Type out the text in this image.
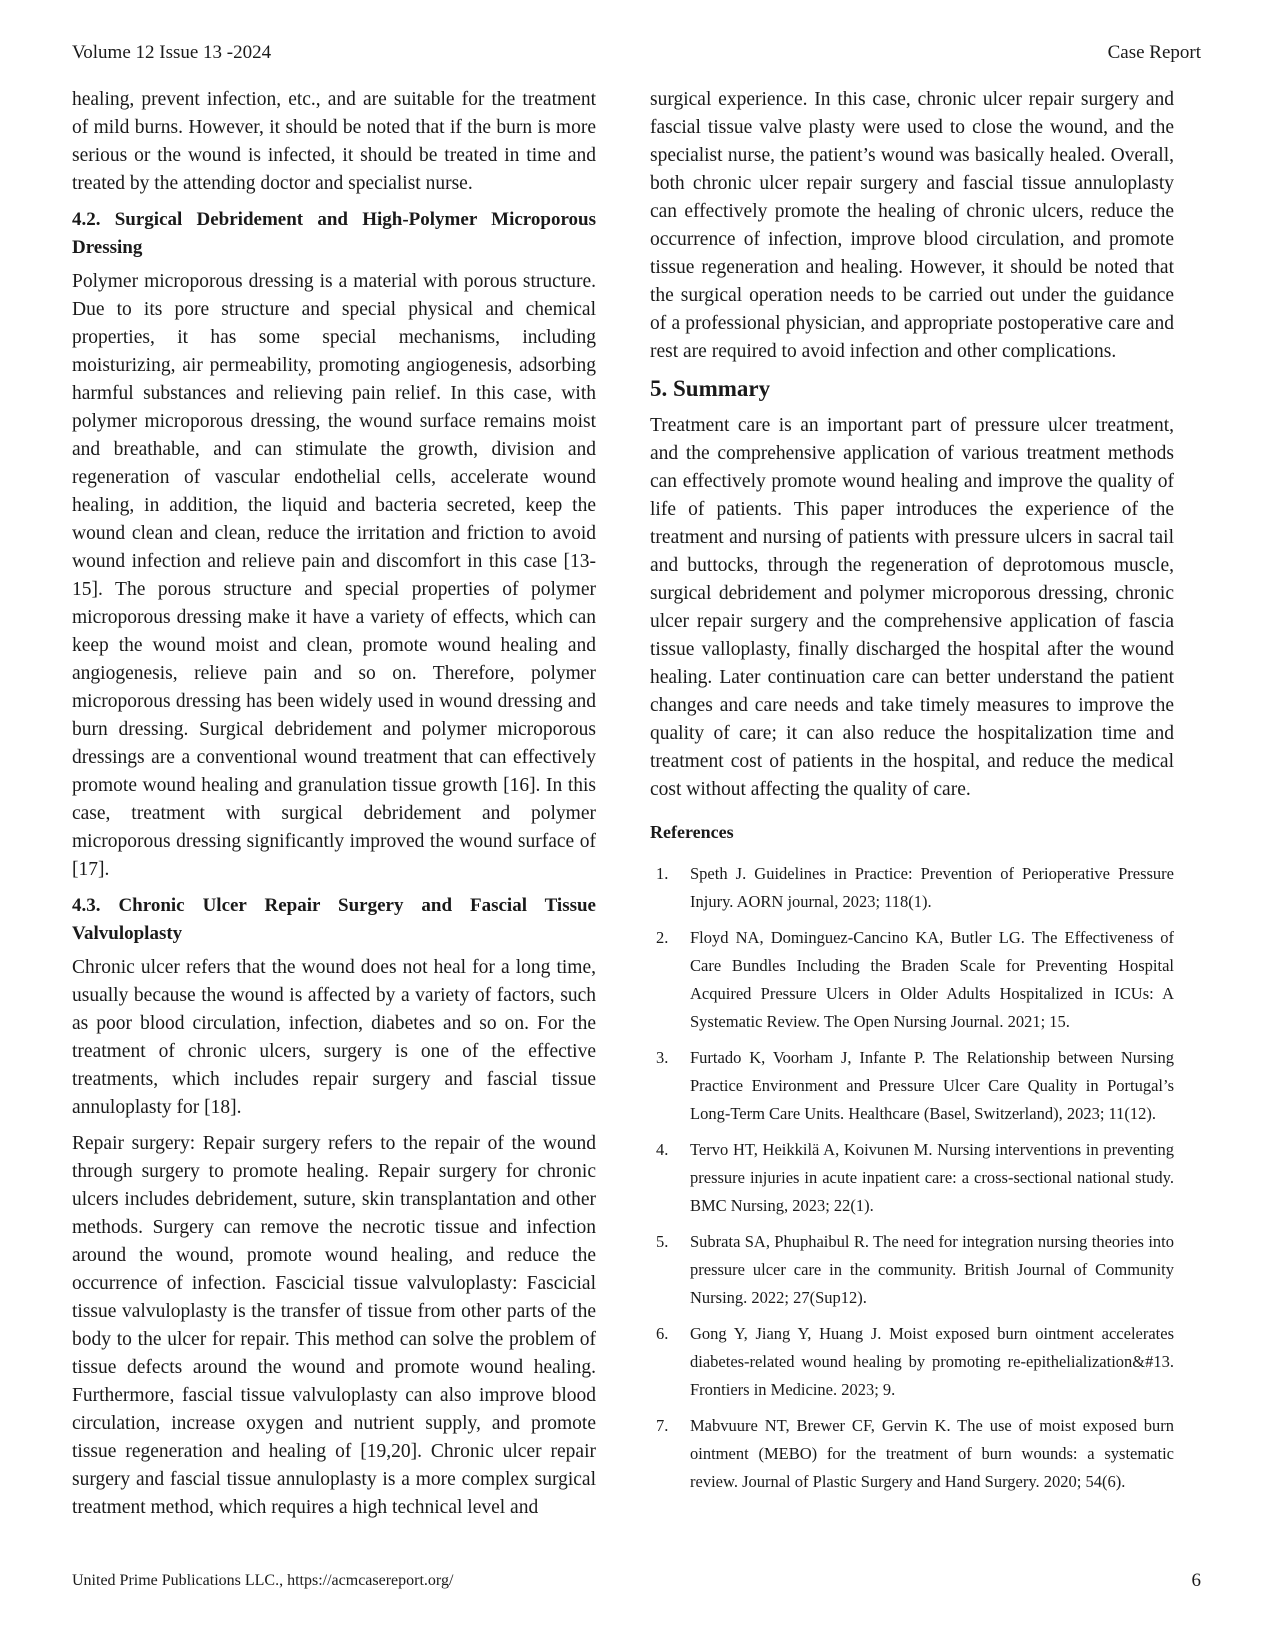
Volume 12 Issue 13 -2024	Case Report

healing, prevent infection, etc., and are suitable for the treatment of mild burns. However, it should be noted that if the burn is more serious or the wound is infected, it should be treated in time and treated by the attending doctor and specialist nurse.

4.2. Surgical Debridement and High-Polymer Microporous Dressing

Polymer microporous dressing is a material with porous structure. Due to its pore structure and special physical and chemical properties, it has some special mechanisms, including moisturizing, air permeability, promoting angiogenesis, adsorbing harmful substances and relieving pain relief. In this case, with polymer microporous dressing, the wound surface remains moist and breathable, and can stimulate the growth, division and regeneration of vascular endothelial cells, accelerate wound healing, in addition, the liquid and bacteria secreted, keep the wound clean and clean, reduce the irritation and friction to avoid wound infection and relieve pain and discomfort in this case [13-15]. The porous structure and special properties of polymer microporous dressing make it have a variety of effects, which can keep the wound moist and clean, promote wound healing and angiogenesis, relieve pain and so on. Therefore, polymer microporous dressing has been widely used in wound dressing and burn dressing. Surgical debridement and polymer microporous dressings are a conventional wound treatment that can effectively promote wound healing and granulation tissue growth [16]. In this case, treatment with surgical debridement and polymer microporous dressing significantly improved the wound surface of [17].

4.3. Chronic Ulcer Repair Surgery and Fascial Tissue Valvuloplasty

Chronic ulcer refers that the wound does not heal for a long time, usually because the wound is affected by a variety of factors, such as poor blood circulation, infection, diabetes and so on. For the treatment of chronic ulcers, surgery is one of the effective treatments, which includes repair surgery and fascial tissue annuloplasty for [18].

Repair surgery: Repair surgery refers to the repair of the wound through surgery to promote healing. Repair surgery for chronic ulcers includes debridement, suture, skin transplantation and other methods. Surgery can remove the necrotic tissue and infection around the wound, promote wound healing, and reduce the occurrence of infection. Fascicial tissue valvuloplasty: Fascicial tissue valvuloplasty is the transfer of tissue from other parts of the body to the ulcer for repair. This method can solve the problem of tissue defects around the wound and promote wound healing. Furthermore, fascial tissue valvuloplasty can also improve blood circulation, increase oxygen and nutrient supply, and promote tissue regeneration and healing of [19,20]. Chronic ulcer repair surgery and fascial tissue annuloplasty is a more complex surgical treatment method, which requires a high technical level and

surgical experience. In this case, chronic ulcer repair surgery and fascial tissue valve plasty were used to close the wound, and the specialist nurse, the patient’s wound was basically healed. Overall, both chronic ulcer repair surgery and fascial tissue annuloplasty can effectively promote the healing of chronic ulcers, reduce the occurrence of infection, improve blood circulation, and promote tissue regeneration and healing. However, it should be noted that the surgical operation needs to be carried out under the guidance of a professional physician, and appropriate postoperative care and rest are required to avoid infection and other complications.

5. Summary

Treatment care is an important part of pressure ulcer treatment, and the comprehensive application of various treatment methods can effectively promote wound healing and improve the quality of life of patients. This paper introduces the experience of the treatment and nursing of patients with pressure ulcers in sacral tail and buttocks, through the regeneration of deprotomous muscle, surgical debridement and polymer microporous dressing, chronic ulcer repair surgery and the comprehensive application of fascia tissue valloplasty, finally discharged the hospital after the wound healing. Later continuation care can better understand the patient changes and care needs and take timely measures to improve the quality of care; it can also reduce the hospitalization time and treatment cost of patients in the hospital, and reduce the medical cost without affecting the quality of care.

References
1.	Speth J. Guidelines in Practice: Prevention of Perioperative Pressure Injury. AORN journal, 2023; 118(1).
2.	Floyd NA, Dominguez-Cancino KA, Butler LG. The Effectiveness of Care Bundles Including the Braden Scale for Preventing Hospital Acquired Pressure Ulcers in Older Adults Hospitalized in ICUs: A Systematic Review. The Open Nursing Journal. 2021; 15.
3.	Furtado K, Voorham J, Infante P. The Relationship between Nursing Practice Environment and Pressure Ulcer Care Quality in Portugal’s Long-Term Care Units. Healthcare (Basel, Switzerland), 2023; 11(12).
4.	Tervo HT, Heikkilä A, Koivunen M. Nursing interventions in preventing pressure injuries in acute inpatient care: a cross-sectional national study. BMC Nursing, 2023; 22(1).
5.	Subrata SA, Phuphaibul R. The need for integration nursing theories into pressure ulcer care in the community. British Journal of Community Nursing. 2022; 27(Sup12).
6.	Gong Y, Jiang Y, Huang J. Moist exposed burn ointment accelerates diabetes-related wound healing by promoting re-epithelialization&#13. Frontiers in Medicine. 2023; 9.
7.	Mabvuure NT, Brewer CF, Gervin K. The use of moist exposed burn ointment (MEBO) for the treatment of burn wounds: a systematic review. Journal of Plastic Surgery and Hand Surgery. 2020; 54(6).
United Prime Publications LLC., https://acmcasereport.org/	6
